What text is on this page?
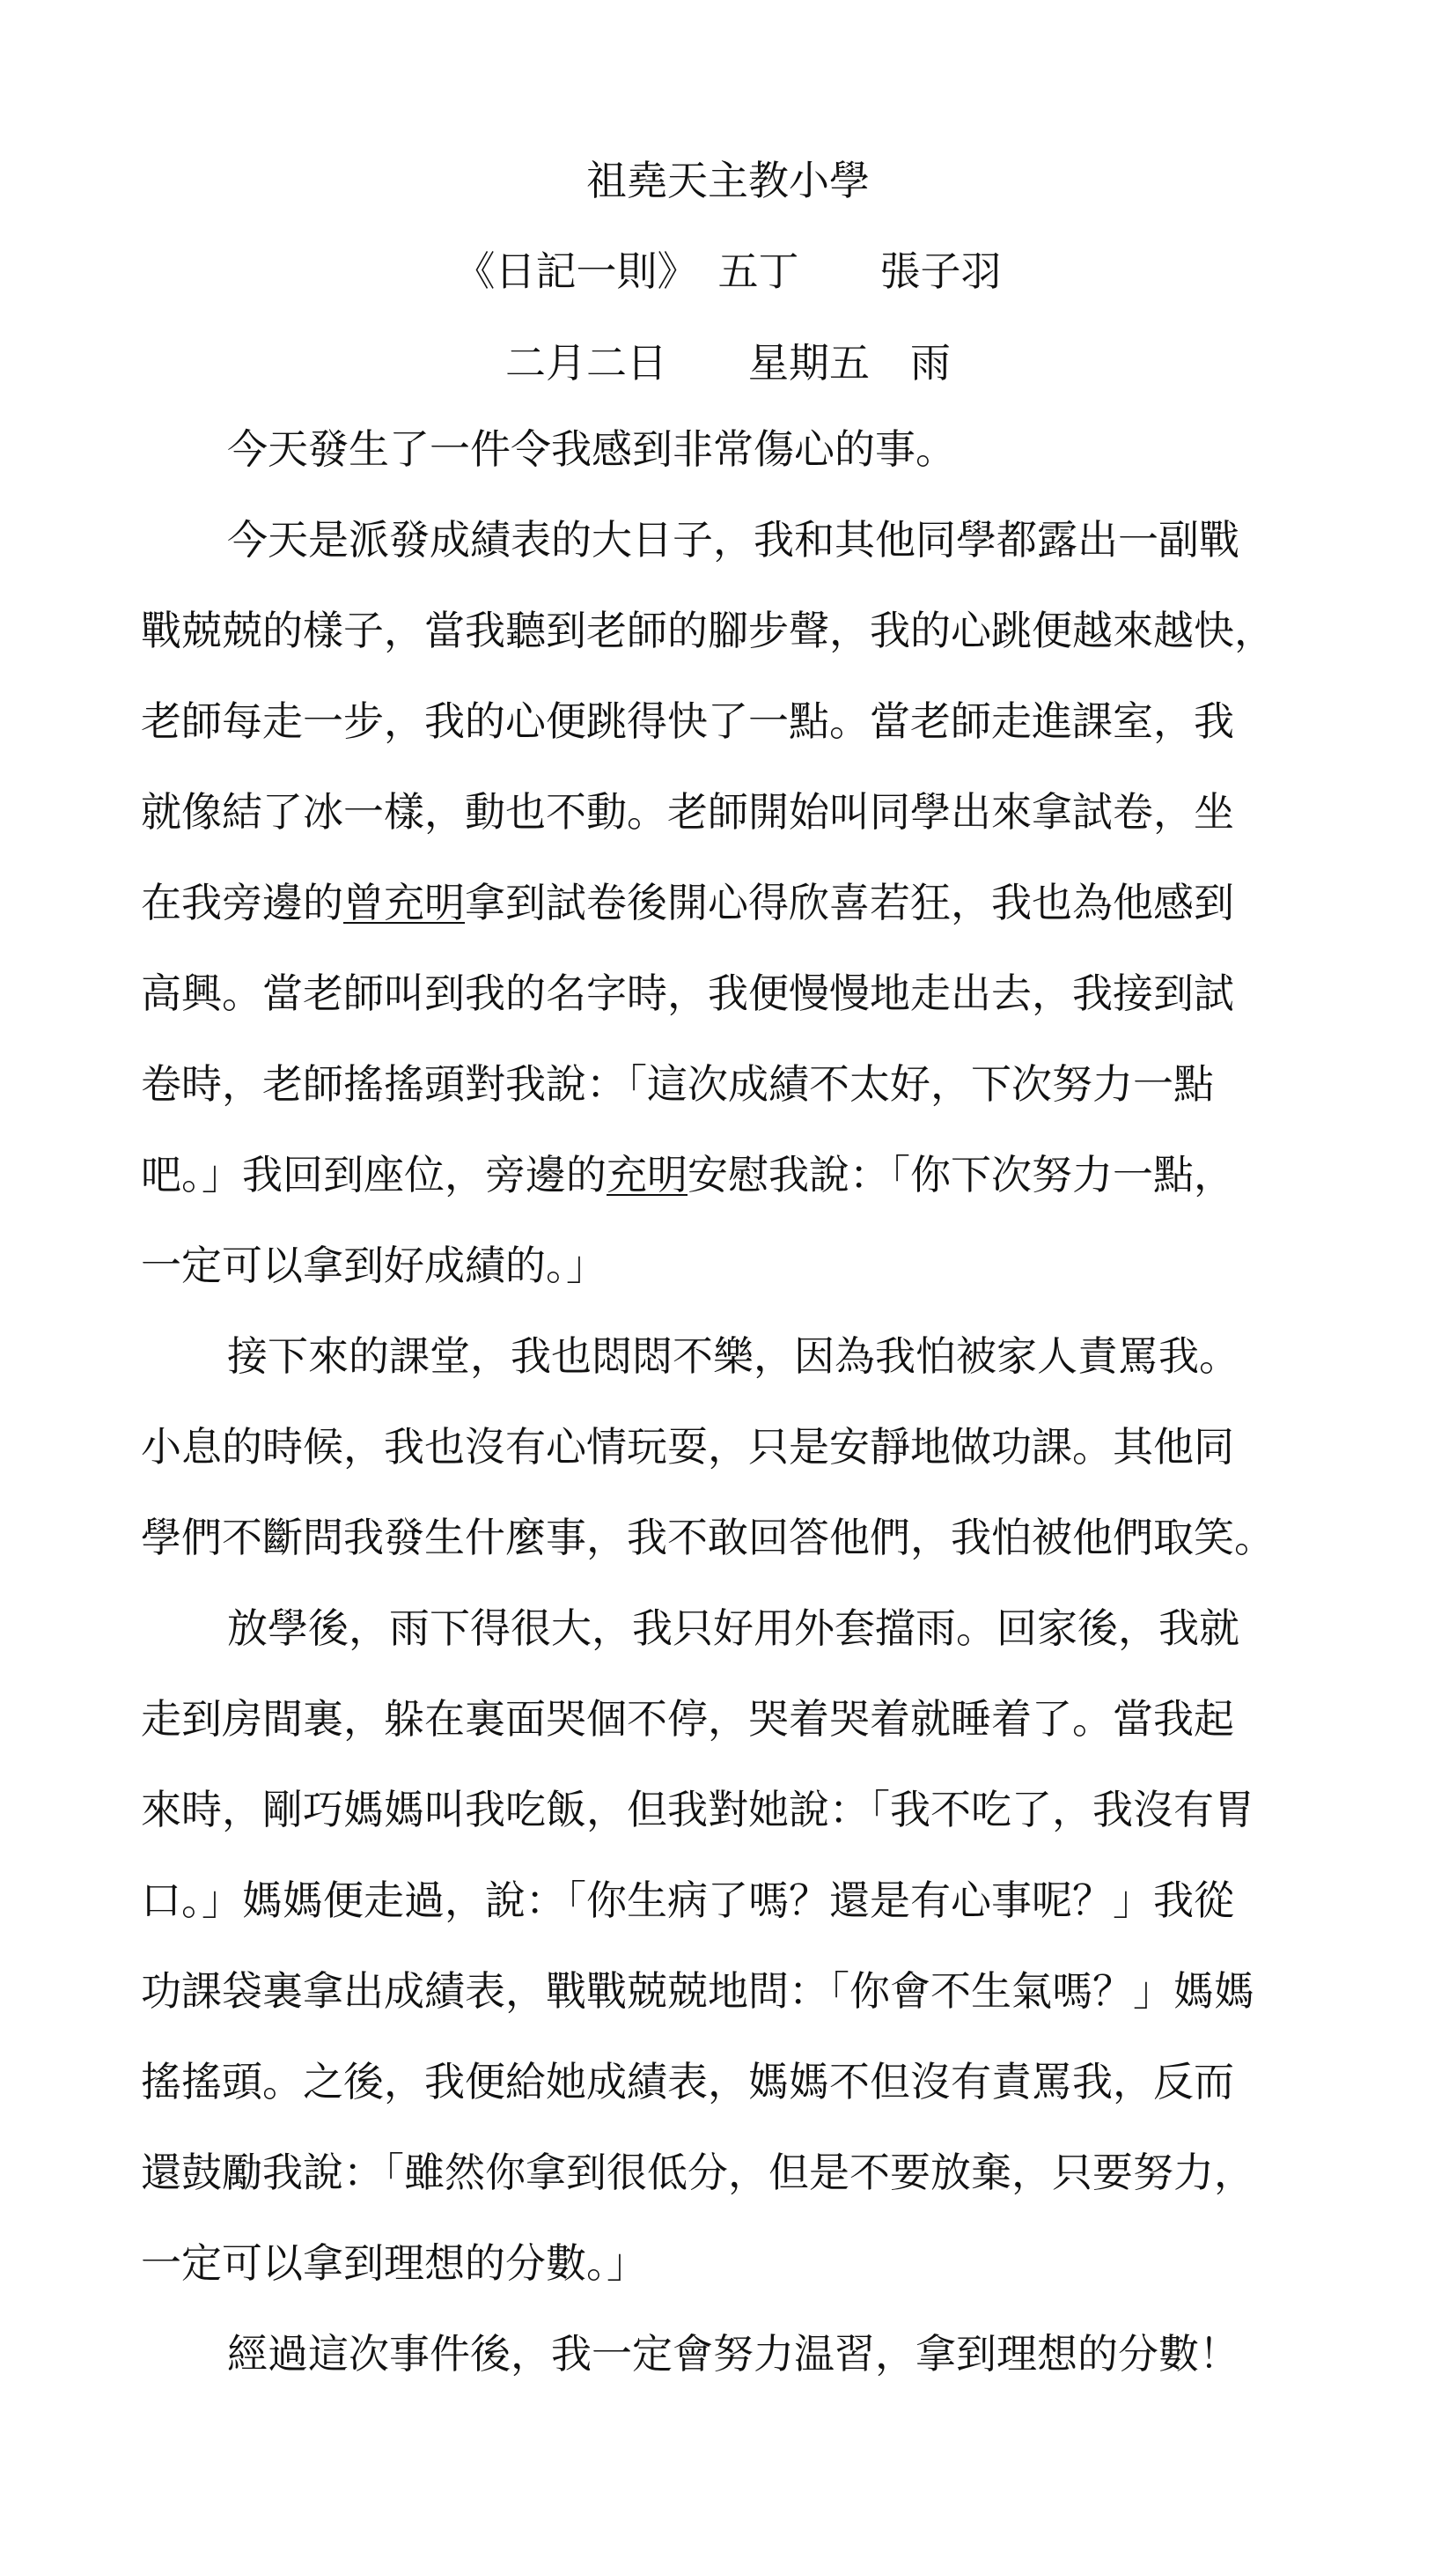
祖堯天主教小學
《日記一則》　五丁　　張子羽
二月二日　　星期五　雨
今天發生了一件令我感到非常傷心的事。
今天是派發成績表的大日子，我和其他同學都露出一副戰
戰兢兢的樣子，當我聽到老師的腳步聲，我的心跳便越來越快，
老師每走一步，我的心便跳得快了一點。當老師走進課室，我
就像結了冰一樣，動也不動。老師開始叫同學出來拿試卷，坐
在我旁邊的曾充明拿到試卷後開心得欣喜若狂，我也為他感到
高興。當老師叫到我的名字時，我便慢慢地走出去，我接到試
卷時，老師搖搖頭對我說：「這次成績不太好，下次努力一點
吧。」我回到座位，旁邊的充明安慰我說：「你下次努力一點，
一定可以拿到好成績的。」
接下來的課堂，我也悶悶不樂，因為我怕被家人責罵我。
小息的時候，我也沒有心情玩耍，只是安靜地做功課。其他同
學們不斷問我發生什麼事，我不敢回答他們，我怕被他們取笑。
放學後，雨下得很大，我只好用外套擋雨。回家後，我就
走到房間裏，躲在裏面哭個不停，哭着哭着就睡着了。當我起
來時，剛巧媽媽叫我吃飯，但我對她說：「我不吃了，我沒有胃
口。」媽媽便走過，說：「你生病了嗎？還是有心事呢？」我從
功課袋裏拿出成績表，戰戰兢兢地問：「你會不生氣嗎？」媽媽
搖搖頭。之後，我便給她成績表，媽媽不但沒有責罵我，反而
還鼓勵我說：「雖然你拿到很低分，但是不要放棄，只要努力，
一定可以拿到理想的分數。」
經過這次事件後，我一定會努力温習，拿到理想的分數！
